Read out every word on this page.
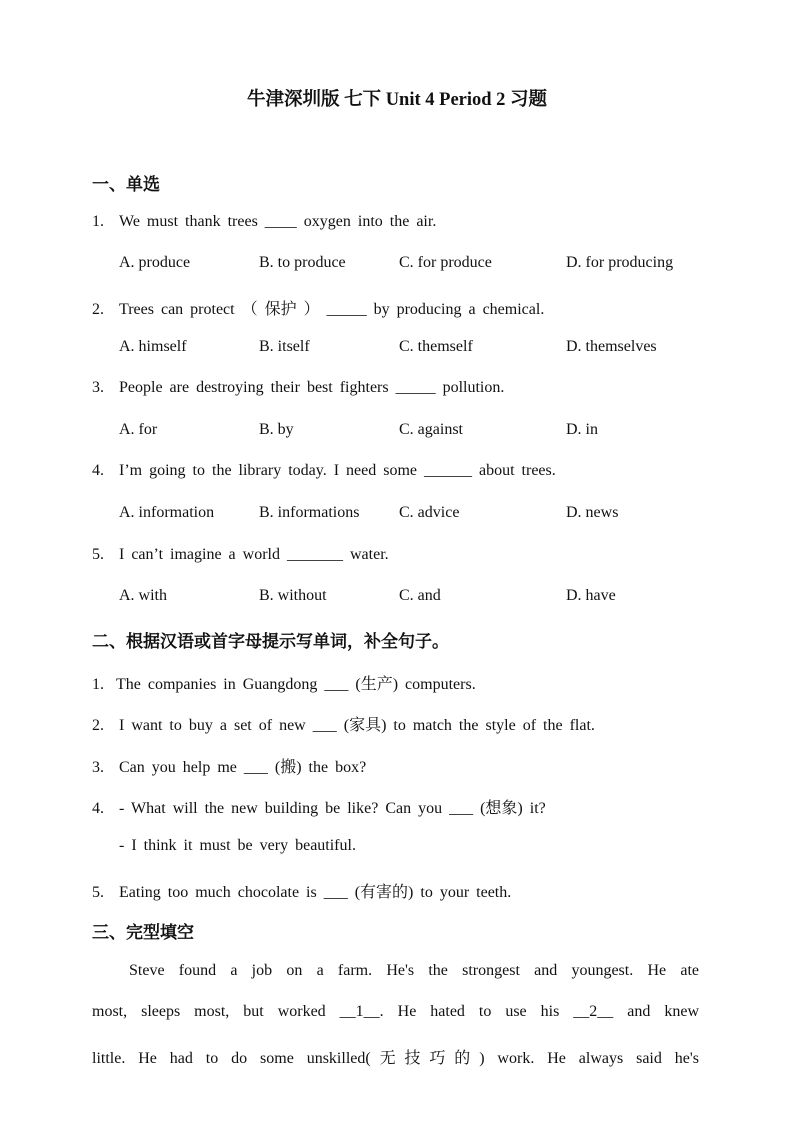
牛津深圳版 七下 Unit 4 Period 2 习题
一、单选
1. We must thank trees ____ oxygen into the air.
A. produce	B. to produce	C. for produce	D. for producing
2. Trees can protect （ 保护 ） _____ by producing a chemical.
A. himself	B. itself	C. themself	D. themselves
3. People are destroying their best fighters _____ pollution.
A. for	B. by	C. against	D. in
4. I’m going to the library today. I need some ______ about trees.
A. information	B. informations C. advice	D. news
5. I can’t imagine a world _______ water.
A. with	B. without	C. and	D. have
二、根据汉语或首字母提示写单词，补全句子。
1. The companies in Guangdong ___ (生产) computers.
2. I want to buy a set of new ___ (家具) to match the style of the flat.
3. Can you help me ___ (搬) the box?
4. - What will the new building be like? Can you ___ (想象) it?
- I think it must be very beautiful.
5. Eating too much chocolate is ___ (有害的) to your teeth.
三、完型填空
Steve found a job on a farm. He's the strongest and youngest. He ate
most, sleeps most, but worked __1__. He hated to use his __2__ and knew
little. He had to do some unskilled(无技巧的) work. He always said he's
